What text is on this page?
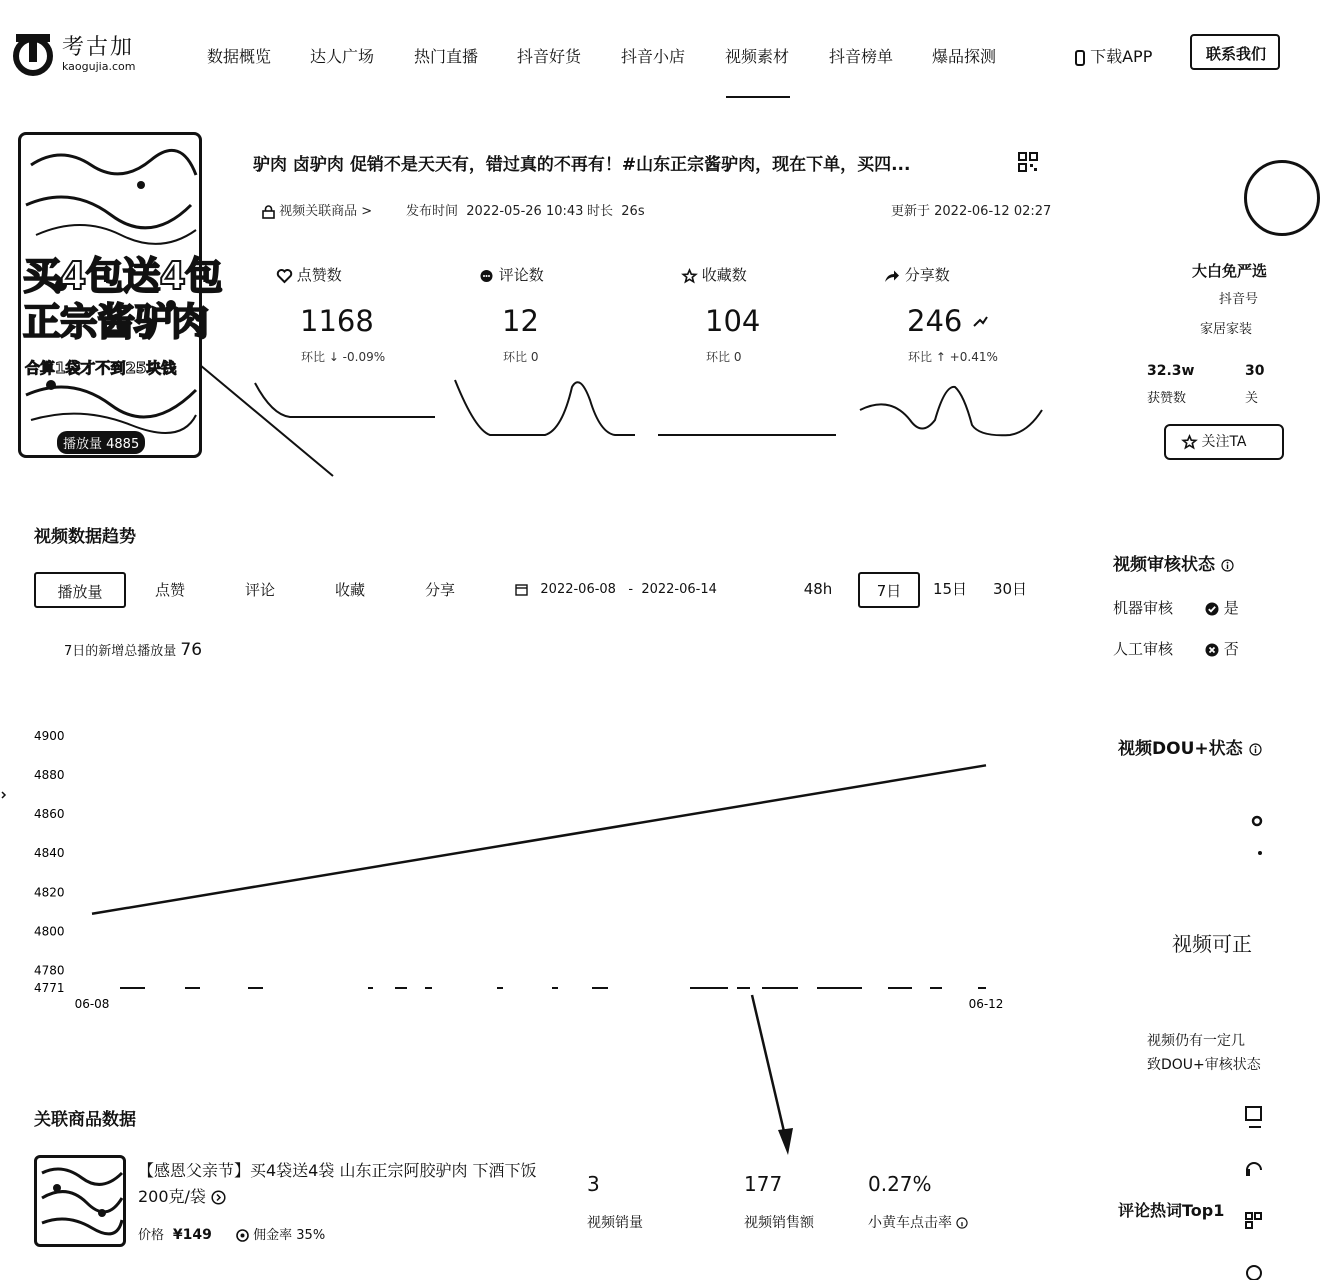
考古加
kaogujia.com
数据概览 达人广场 热门直播 抖音好货 抖音小店 视频素材 抖音榜单 爆品探测	下载APP	联系我们
买4包送4包
正宗酱驴肉
合算1袋才不到25块钱
播放量 4885
驴肉 卤驴肉 促销不是天天有，错过真的不再有！#山东正宗酱驴肉，现在下单，买四...
视频关联商品 >	发布时间 2022-05-26 10:43 时长 26s	更新于 2022-06-12 02:27
点赞数
1168
环比 ↓ -0.09%
评论数
12
环比 0
收藏数
104
环比 0
分享数
246
环比 ↑ +0.41%
大白免严选
抖音号
家居家装
32.3w
获赞数
30
关
关注TA
视频数据趋势
播放量	点赞	评论	收藏	分享	2022-06-08 - 2022-06-14	48h	7日	15日	30日
7日的新增总播放量 76
4900
4880
4860
4840
4820
4800
4780
4771
06-08	06-12
视频审核状态
机器审核	是
人工审核	否
视频DOU+状态
视频可正
视频仍有一定几
致DOU+审核状态
评论热词Top1
关联商品数据
【感恩父亲节】买4袋送4袋 山东正宗阿胶驴肉 下酒下饭 200克/袋
价格 ¥149	佣金率 35%
3
视频销量
177
视频销售额
0.27%
小黄车点击率
